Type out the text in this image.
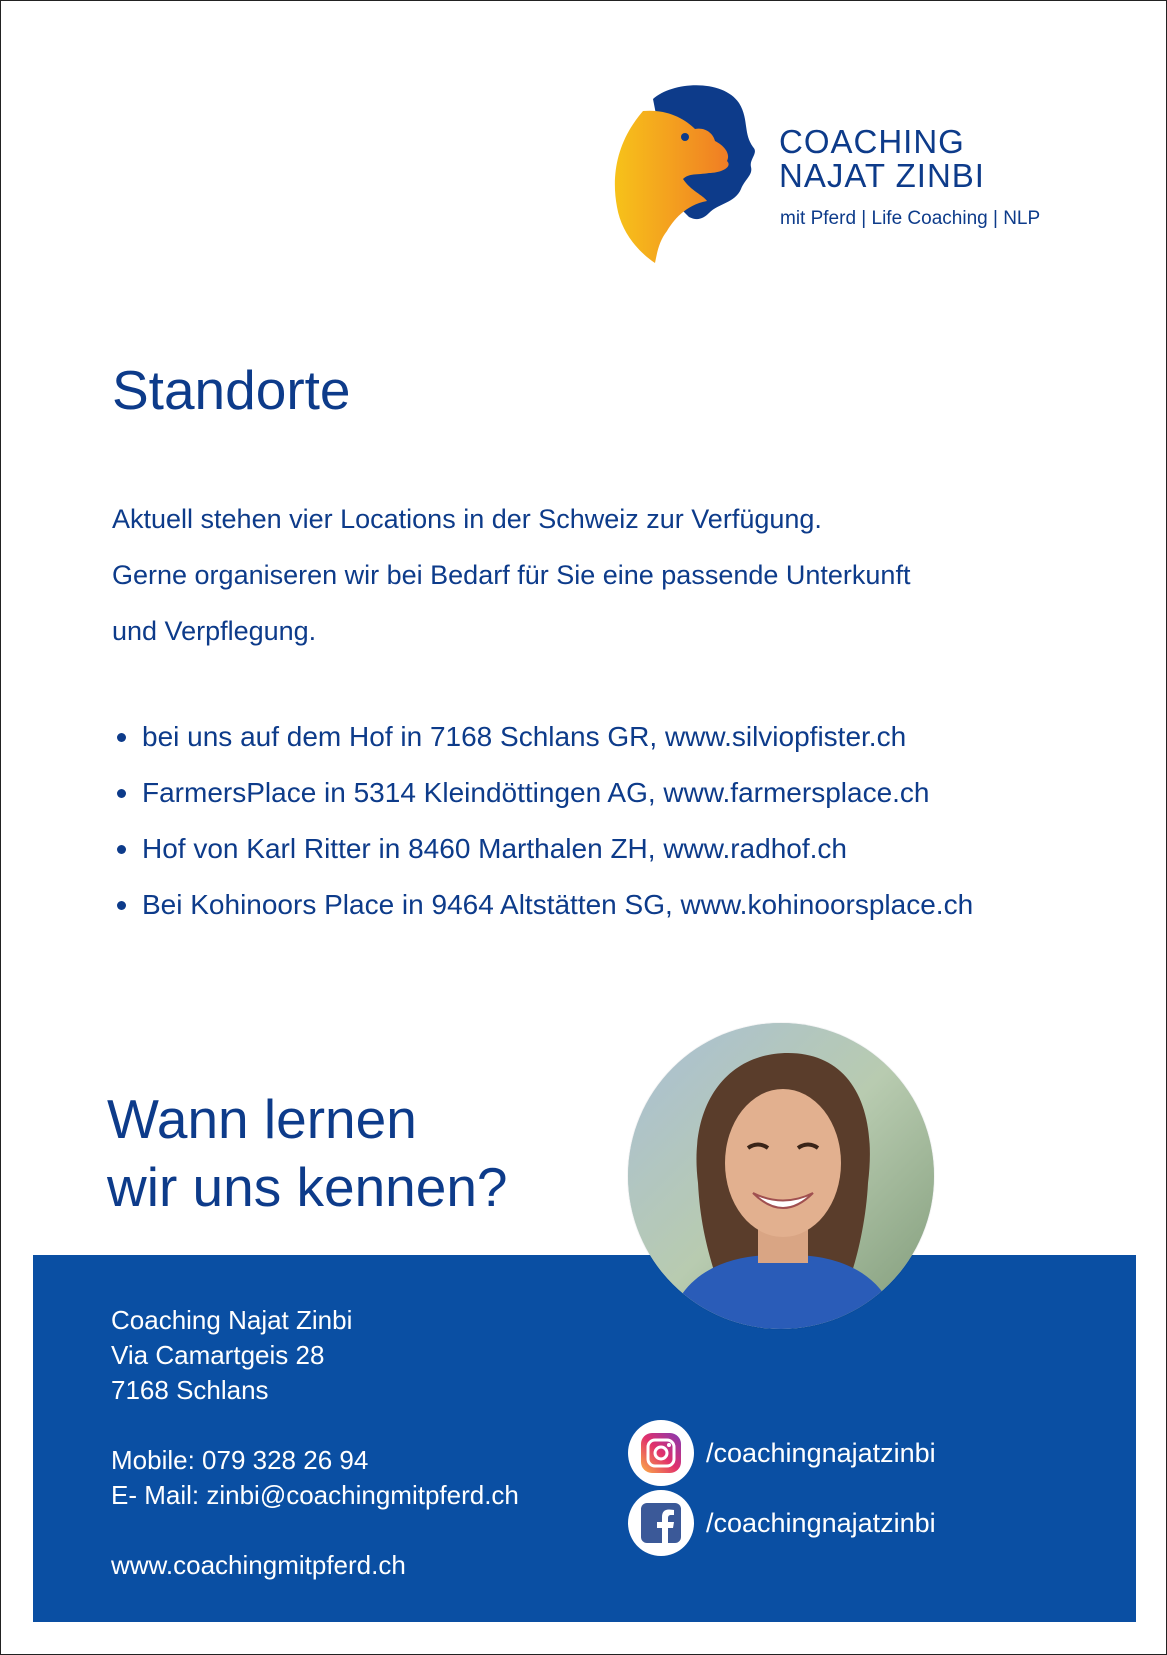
COACHING
NAJAT ZINBI
mit Pferd | Life Coaching | NLP
Standorte

Aktuell stehen vier Locations in der Schweiz zur Verfügung.

Gerne organiseren wir bei Bedarf für Sie eine passende Unterkunft

und Verpflegung.

bei uns auf dem Hof in 7168 Schlans GR, www.silviopfister.ch
FarmersPlace in 5314 Kleindöttingen AG, www.farmersplace.ch
Hof von Karl Ritter in 8460 Marthalen ZH, www.radhof.ch
Bei Kohinoors Place in 9464 Altstätten SG, www.kohinoorsplace.ch
Wann lernen
wir uns kennen?
Coaching Najat Zinbi
Via Camartgeis 28
7168 Schlans
Mobile: 079 328 26 94
E- Mail: zinbi@coachingmitpferd.ch
www.coachingmitpferd.ch
/coachingnajatzinbi
/coachingnajatzinbi
